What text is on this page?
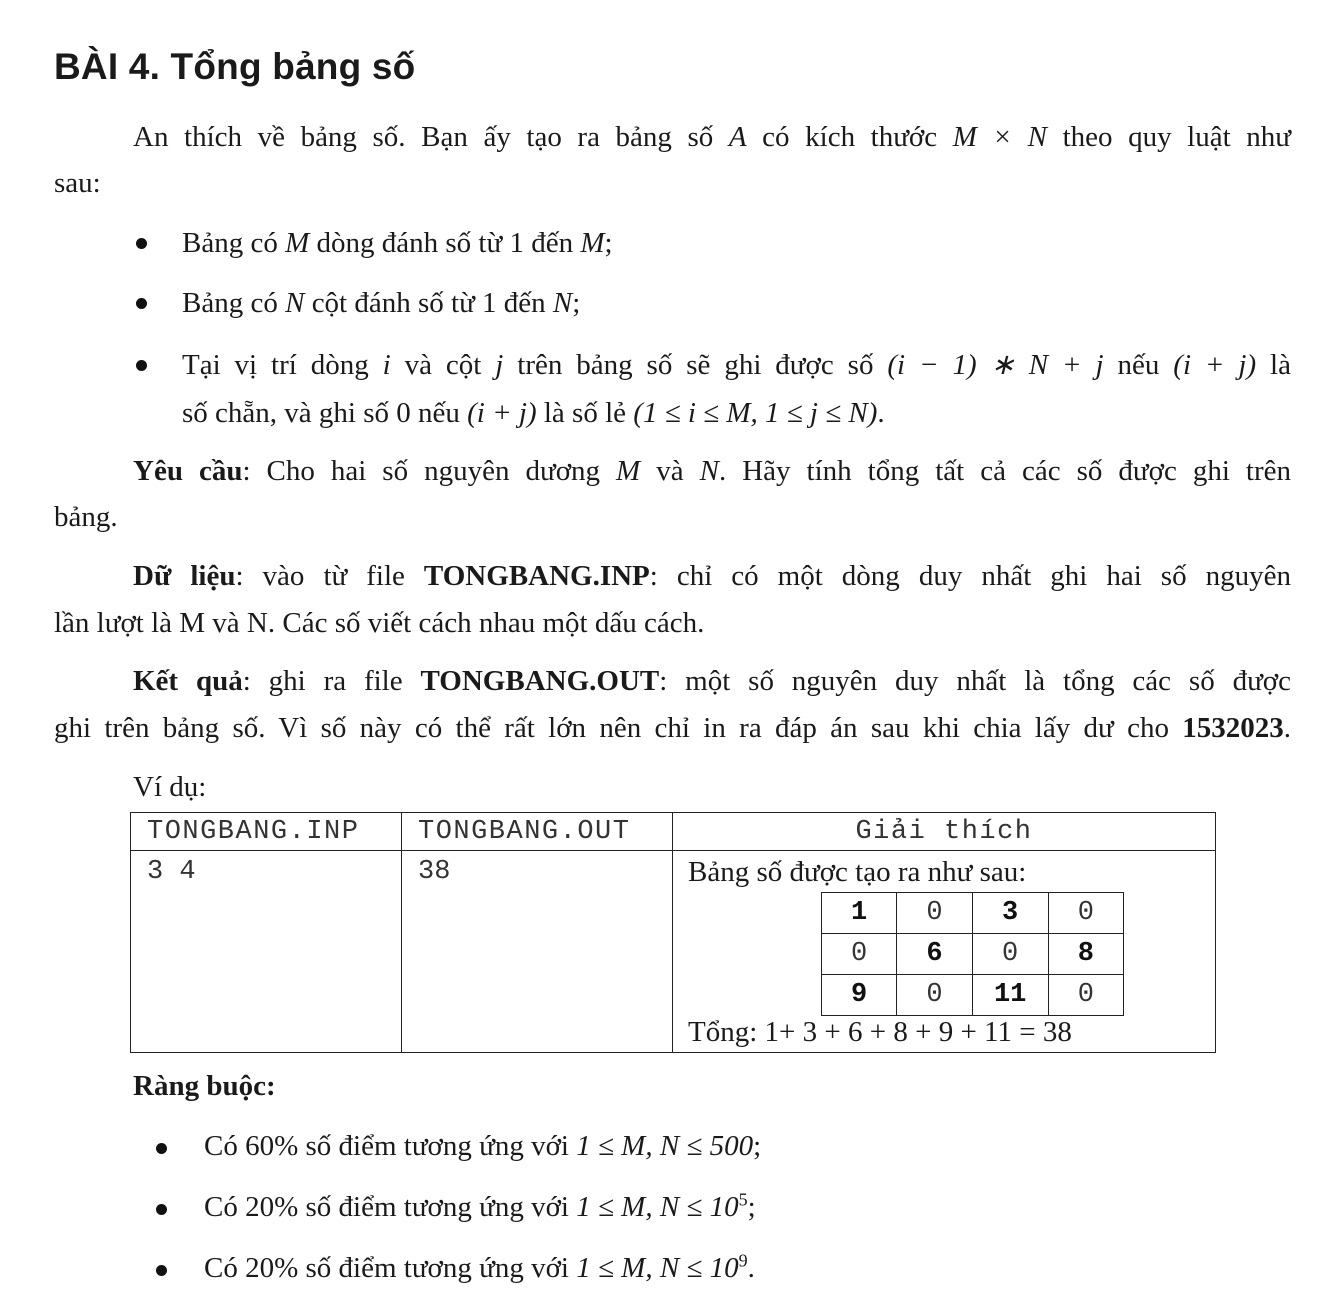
BÀI 4. Tổng bảng số
An thích về bảng số. Bạn ấy tạo ra bảng số A có kích thước M × N theo quy luật như
sau:
Bảng có M dòng đánh số từ 1 đến M;
Bảng có N cột đánh số từ 1 đến N;
Tại vị trí dòng i và cột j trên bảng số sẽ ghi được số (i − 1) ∗ N + j nếu (i + j) là
số chẵn, và ghi số 0 nếu (i + j) là số lẻ (1 ≤ i ≤ M, 1 ≤ j ≤ N).
Yêu cầu: Cho hai số nguyên dương M và N. Hãy tính tổng tất cả các số được ghi trên
bảng.
Dữ liệu: vào từ file TONGBANG.INP: chỉ có một dòng duy nhất ghi hai số nguyên
lần lượt là M và N. Các số viết cách nhau một dấu cách.
Kết quả: ghi ra file TONGBANG.OUT: một số nguyên duy nhất là tổng các số được
ghi trên bảng số. Vì số này có thể rất lớn nên chỉ in ra đáp án sau khi chia lấy dư cho 1532023.
Ví dụ:
TONGBANG.INP	TONGBANG.OUT	Giải thích
3 4	38		Bảng số được tạo ra như sau:
1	0	3	0
0	6	0	8
9	0	11	0
Tổng: 1+ 3 + 6 + 8 + 9 + 11 = 38
Ràng buộc:
Có 60% số điểm tương ứng với 1 ≤ M, N ≤ 500;
Có 20% số điểm tương ứng với 1 ≤ M, $N \le 10^5$;
Có 20% số điểm tương ứng với 1 ≤ M, $N \le 10^9$.
